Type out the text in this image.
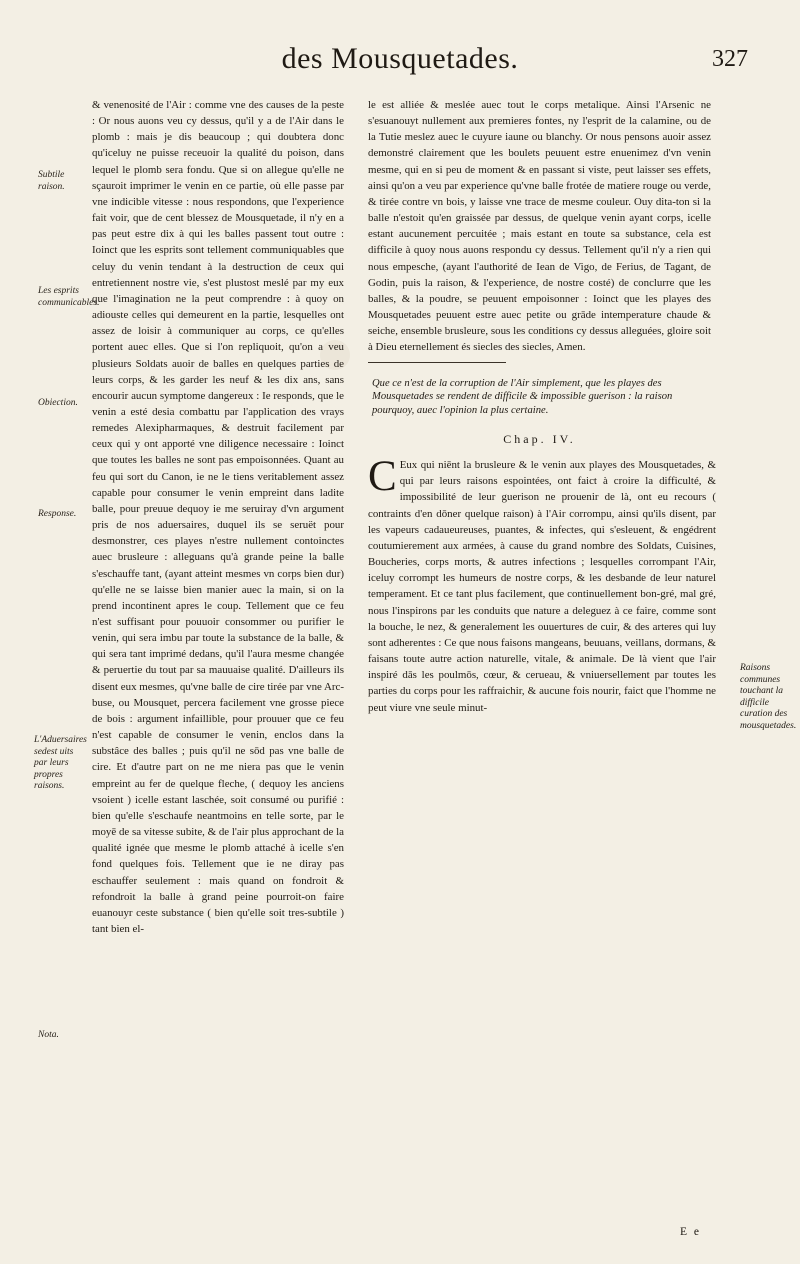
des Mousquetades.	327
Subtile raison.
Les esprits communicables.
Obiection.
Response.
L'Aduersaires sedest uits par leurs propres raisons.
Nota.

& venenosité de l'Air : comme vne des causes de la peste : Or nous auons veu cy dessus, qu'il y a de l'Air dans le plomb : mais je dis beaucoup ; qui doubtera donc qu'iceluy ne puisse receuoir la qualité du poison, dans lequel le plomb sera fondu. Que si on allegue qu'elle ne sçauroit imprimer le venin en ce partie, où elle passe par vne indicible vitesse : nous respondons, que l'experience fait voir, que de cent blessez de Mousquetade, il n'y en a pas peut estre dix à qui les balles passent tout outre : Ioinct que les esprits sont tellement communiquables que celuy du venin tendant à la destruction de ceux qui entretiennent nostre vie, s'est plustost meslé par my eux que l'imagination ne la peut comprendre : à quoy on adiouste celles qui demeurent en la partie, lesquelles ont assez de loisir à communiquer au corps, ce qu'elles portent auec elles. Que si l'on repliquoit, qu'on a veu plusieurs Soldats auoir de balles en quelques parties de leurs corps, & les garder les neuf & les dix ans, sans encourir aucun symptome dangereux : Ie responds, que le venin a esté desia combattu par l'application des vrays remedes Alexipharmaques, & destruit facilement par ceux qui y ont apporté vne diligence necessaire : Ioinct que toutes les balles ne sont pas empoisonnées. Quant au feu qui sort du Canon, ie ne le tiens veritablement assez capable pour consumer le venin empreint dans ladite balle, pour preuue dequoy ie me seruiray d'vn argument pris de nos aduersaires, duquel ils se seruët pour desmonstrer, ces playes n'estre nullement contoinctes auec brusleure : alleguans qu'à grande peine la balle s'eschauffe tant, (ayant atteint mesmes vn corps bien dur) qu'elle ne se laisse bien manier auec la main, si on la prend incontinent apres le coup. Tellement que ce feu n'est suffisant pour pouuoir consommer ou purifier le venin, qui sera imbu par toute la substance de la balle, & qui sera tant imprimé dedans, qu'il l'aura mesme changée & peruertie du tout par sa mauuaise qualité. D'ailleurs ils disent eux mesmes, qu'vne balle de cire tirée par vne Arc-buse, ou Mousquet, percera facilement vne grosse piece de bois : argument infaillible, pour prouuer que ce feu n'est capable de consumer le venin, enclos dans la substâce des balles ; puis qu'il ne sōd pas vne balle de cire. Et d'autre part on ne me niera pas que le venin empreint au fer de quelque fleche, ( dequoy les anciens vsoient ) icelle estant laschée, soit consumé ou purifié : bien qu'elle s'eschaufe neantmoins en telle sorte, par le moyē de sa vitesse subite, & de l'air plus approchant de la qualité ignée que mesme le plomb attaché à icelle s'en fond quelques fois. Tellement que ie ne diray pas eschauffer seulement : mais quand on fondroit & refondroit la balle à grand peine pourroit-on faire euanouyr ceste substance ( bien qu'elle soit tres-subtile ) tant bien el-

le est alliée & meslée auec tout le corps metalique. Ainsi l'Arsenic ne s'esuanouyt nullement aux premieres fontes, ny l'esprit de la calamine, ou de la Tutie meslez auec le cuyure iaune ou blanchy. Or nous pensons auoir assez demonstré clairement que les boulets peuuent estre enuenimez d'vn venin mesme, qui en si peu de moment & en passant si viste, peut laisser ses effets, ainsi qu'on a veu par experience qu'vne balle frotée de matiere rouge ou verde, & tirée contre vn bois, y laisse vne trace de mesme couleur. Ouy dita-ton si la balle n'estoit qu'en graissée par dessus, de quelque venin ayant corps, icelle estant aucunement percuitée ; mais estant en toute sa substance, cela est difficile à quoy nous auons respondu cy dessus. Tellement qu'il n'y a rien qui nous empesche, (ayant l'authorité de Iean de Vigo, de Ferius, de Tagant, de Godin, puis la raison, & l'experience, de nostre costé) de conclurre que les balles, & la poudre, se peuuent empoisonner : Ioinct que les playes des Mousquetades peuuent estre auec petite ou grāde intemperature chaude & seiche, ensemble brusleure, sous les conditions cy dessus alleguées, gloire soit à Dieu eternellement és siecles des siecles, Amen.

Que ce n'est de la corruption de l'Air simplement, que les playes des Mousquetades se rendent de difficile & impossible guerison : la raison pourquoy, auec l'opinion la plus certaine.
Chap. IV.
C Eux qui niēnt la brusleure & le venin aux playes des Mousquetades, & qui par leurs raisons espointées, ont faict à croire la difficulté, & impossibilité de leur guerison ne prouenir de là, ont eu recours ( contraints d'en dōner quelque raison) à l'Air corrompu, ainsi qu'ils disent, par les vapeurs cadaueureuses, puantes, & infectes, qui s'esleuent, & engédrent coutumierement aux armées, à cause du grand nombre des Soldats, Cuisines, Boucheries, corps morts, & autres infections ; lesquelles corrompant l'Air, iceluy corrompt les humeurs de nostre corps, & les desbande de leur naturel temperament. Et ce tant plus facilement, que continuellement bon-gré, mal gré, nous l'inspirons par les conduits que nature a deleguez à ce faire, comme sont la bouche, le nez, & generalement les ouuertures de cuir, & des arteres qui luy sont adherentes : Ce que nous faisons mangeans, beuuans, veillans, dormans, & faisans toute autre action naturelle, vitale, & animale. De là vient que l'air inspiré dās les poulmōs, cœur, & cerueau, & vniuersellement par toutes les parties du corps pour les raffraichir, & aucune fois nourir, faict que l'homme ne peut viure vne seule minut-
Raisons communes touchant la difficile curation des mousquetades.
E e
